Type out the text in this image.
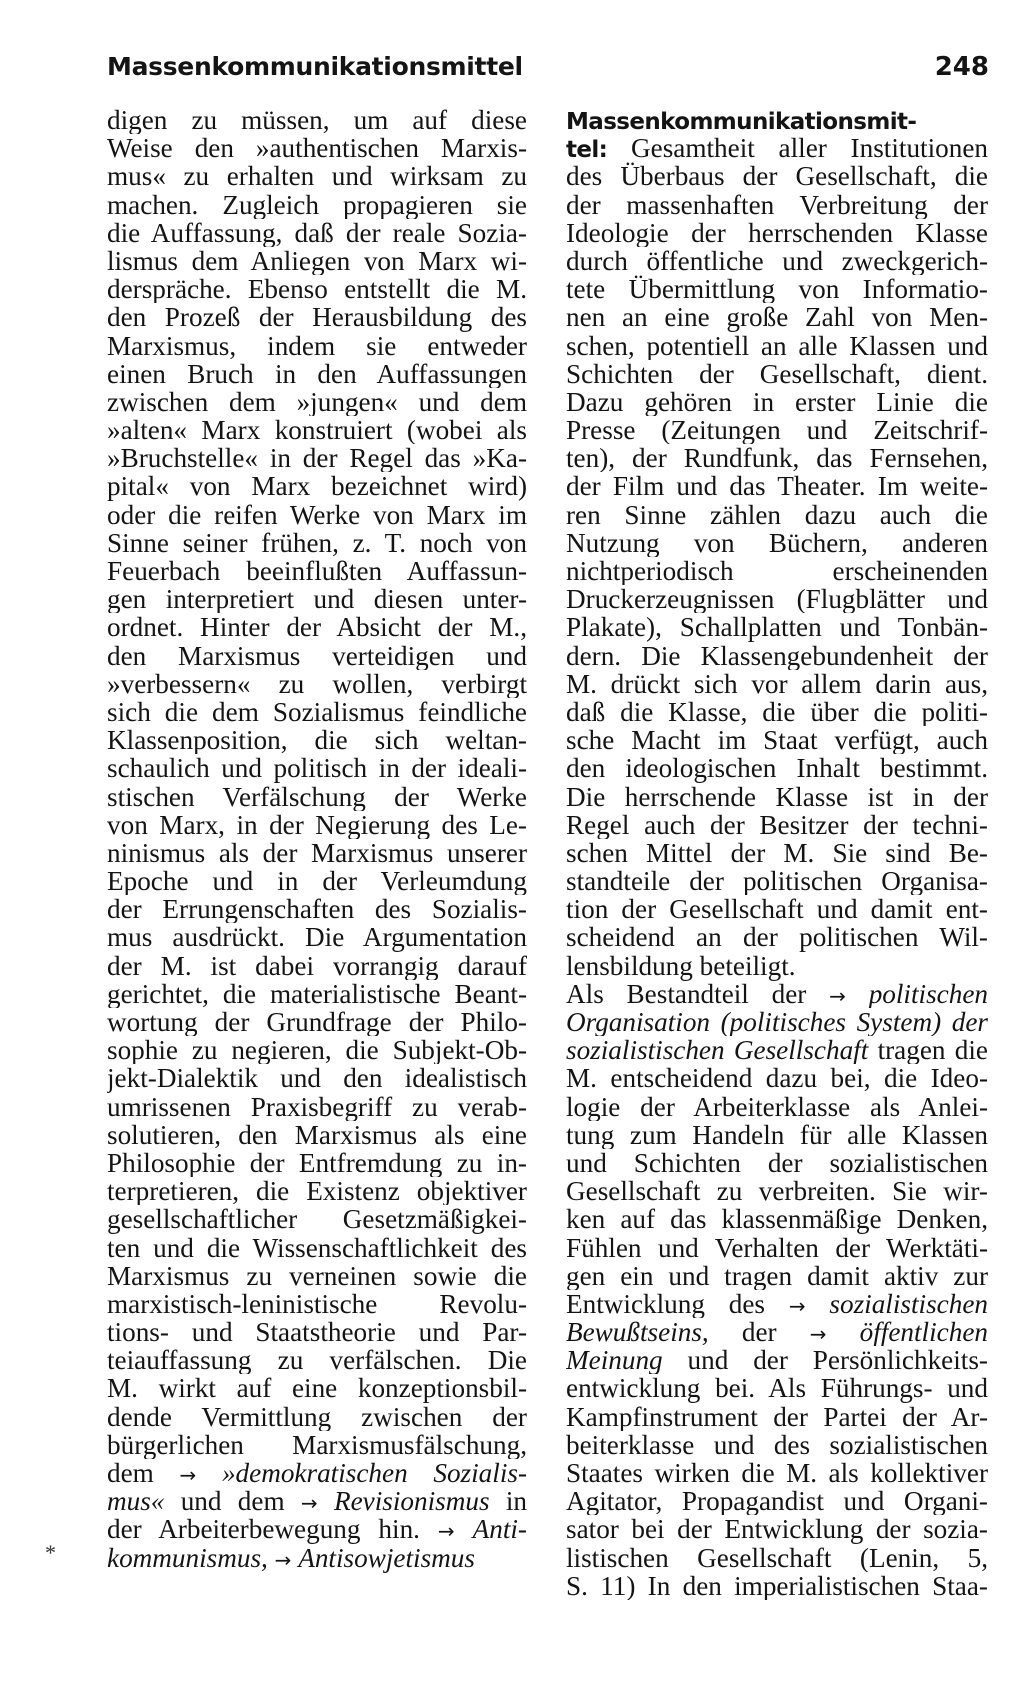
Massenkommunikationsmittel	248
digen zu müssen, um auf diese
Weise den »authentischen Marxis-
mus« zu erhalten und wirksam zu
machen. Zugleich propagieren sie
die Auffassung, daß der reale Sozia-
lismus dem Anliegen von Marx wi-
derspräche. Ebenso entstellt die M.
den Prozeß der Herausbildung des
Marxismus, indem sie entweder
einen Bruch in den Auffassungen
zwischen dem »jungen« und dem
»alten« Marx konstruiert (wobei als
»Bruchstelle« in der Regel das »Ka-
pital« von Marx bezeichnet wird)
oder die reifen Werke von Marx im
Sinne seiner frühen, z. T. noch von
Feuerbach beeinflußten Auffassun-
gen interpretiert und diesen unter-
ordnet. Hinter der Absicht der M.,
den Marxismus verteidigen und
»verbessern« zu wollen, verbirgt
sich die dem Sozialismus feindliche
Klassenposition, die sich weltan-
schaulich und politisch in der ideali-
stischen Verfälschung der Werke
von Marx, in der Negierung des Le-
ninismus als der Marxismus unserer
Epoche und in der Verleumdung
der Errungenschaften des Sozialis-
mus ausdrückt. Die Argumentation
der M. ist dabei vorrangig darauf
gerichtet, die materialistische Beant-
wortung der Grundfrage der Philo-
sophie zu negieren, die Subjekt-Ob-
jekt-Dialektik und den idealistisch
umrissenen Praxisbegriff zu verab-
solutieren, den Marxismus als eine
Philosophie der Entfremdung zu in-
terpretieren, die Existenz objektiver
gesellschaftlicher Gesetzmäßigkei-
ten und die Wissenschaftlichkeit des
Marxismus zu verneinen sowie die
marxistisch-leninistische Revolu-
tions- und Staatstheorie und Par-
teiauffassung zu verfälschen. Die
M. wirkt auf eine konzeptionsbil-
dende Vermittlung zwischen der
bürgerlichen Marxismusfälschung,
dem → »demokratischen Sozialis-
mus« und dem → Revisionismus in
der Arbeiterbewegung hin. → Anti-
kommunismus, → Antisowjetismus
Massenkommunikationsmit-
tel: Gesamtheit aller Institutionen
des Überbaus der Gesellschaft, die
der massenhaften Verbreitung der
Ideologie der herrschenden Klasse
durch öffentliche und zweckgerich-
tete Übermittlung von Informatio-
nen an eine große Zahl von Men-
schen, potentiell an alle Klassen und
Schichten der Gesellschaft, dient.
Dazu gehören in erster Linie die
Presse (Zeitungen und Zeitschrif-
ten), der Rundfunk, das Fernsehen,
der Film und das Theater. Im weite-
ren Sinne zählen dazu auch die
Nutzung von Büchern, anderen
nichtperiodisch erscheinenden
Druckerzeugnissen (Flugblätter und
Plakate), Schallplatten und Tonbän-
dern. Die Klassengebundenheit der
M. drückt sich vor allem darin aus,
daß die Klasse, die über die politi-
sche Macht im Staat verfügt, auch
den ideologischen Inhalt bestimmt.
Die herrschende Klasse ist in der
Regel auch der Besitzer der techni-
schen Mittel der M. Sie sind Be-
standteile der politischen Organisa-
tion der Gesellschaft und damit ent-
scheidend an der politischen Wil-
lensbildung beteiligt.
Als Bestandteil der → politischen
Organisation (politisches System) der
sozialistischen Gesellschaft tragen die
M. entscheidend dazu bei, die Ideo-
logie der Arbeiterklasse als Anlei-
tung zum Handeln für alle Klassen
und Schichten der sozialistischen
Gesellschaft zu verbreiten. Sie wir-
ken auf das klassenmäßige Denken,
Fühlen und Verhalten der Werktäti-
gen ein und tragen damit aktiv zur
Entwicklung des → sozialistischen
Bewußtseins, der → öffentlichen
Meinung und der Persönlichkeits-
entwicklung bei. Als Führungs- und
Kampfinstrument der Partei der Ar-
beiterklasse und des sozialistischen
Staates wirken die M. als kollektiver
Agitator, Propagandist und Organi-
sator bei der Entwicklung der sozia-
listischen Gesellschaft (Lenin, 5,
S. 11) In den imperialistischen Staa-
*
